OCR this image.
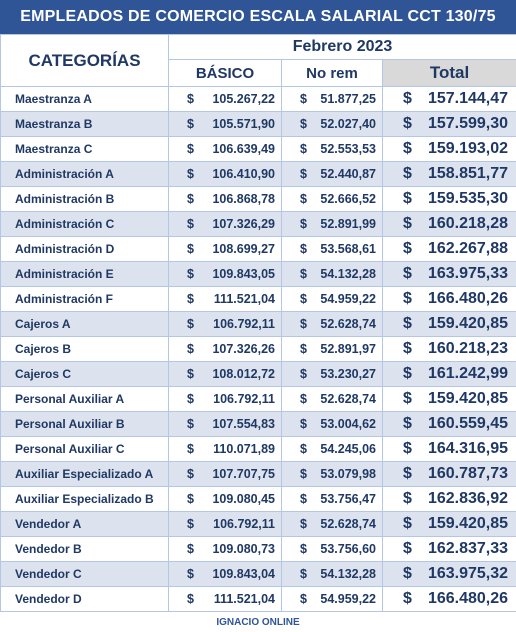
EMPLEADOS DE COMERCIO ESCALA SALARIAL CCT 130/75
CATEGORÍAS	Febrero 2023		
	BÁSICO	No rem	Total
Maestranza A	$ 105.267,22	$ 51.877,25	$ 157.144,47

Maestranza B	$ 105.571,90	$ 52.027,40	$ 157.599,30

Maestranza C	$ 106.639,49	$ 52.553,53	$ 159.193,02

Administración A	$ 106.410,90	$ 52.440,87	$ 158.851,77

Administración B	$ 106.868,78	$ 52.666,52	$ 159.535,30

Administración C	$ 107.326,29	$ 52.891,99	$ 160.218,28

Administración D	$ 108.699,27	$ 53.568,61	$ 162.267,88

Administración E	$ 109.843,05	$ 54.132,28	$ 163.975,33

Administración F	$ 111.521,04	$ 54.959,22	$ 166.480,26

Cajeros A	$ 106.792,11	$ 52.628,74	$ 159.420,85

Cajeros B	$ 107.326,26	$ 52.891,97	$ 160.218,23

Cajeros C	$ 108.012,72	$ 53.230,27	$ 161.242,99

Personal Auxiliar A	$ 106.792,11	$ 52.628,74	$ 159.420,85

Personal Auxiliar B	$ 107.554,83	$ 53.004,62	$ 160.559,45

Personal Auxiliar C	$ 110.071,89	$ 54.245,06	$ 164.316,95

Auxiliar Especializado A	$ 107.707,75	$ 53.079,98	$ 160.787,73

Auxiliar Especializado B	$ 109.080,45	$ 53.756,47	$ 162.836,92

Vendedor A	$ 106.792,11	$ 52.628,74	$ 159.420,85

Vendedor B	$ 109.080,73	$ 53.756,60	$ 162.837,33

Vendedor C	$ 109.843,04	$ 54.132,28	$ 163.975,32

Vendedor D	$ 111.521,04	$ 54.959,22	$ 166.480,26
IGNACIO ONLINE
